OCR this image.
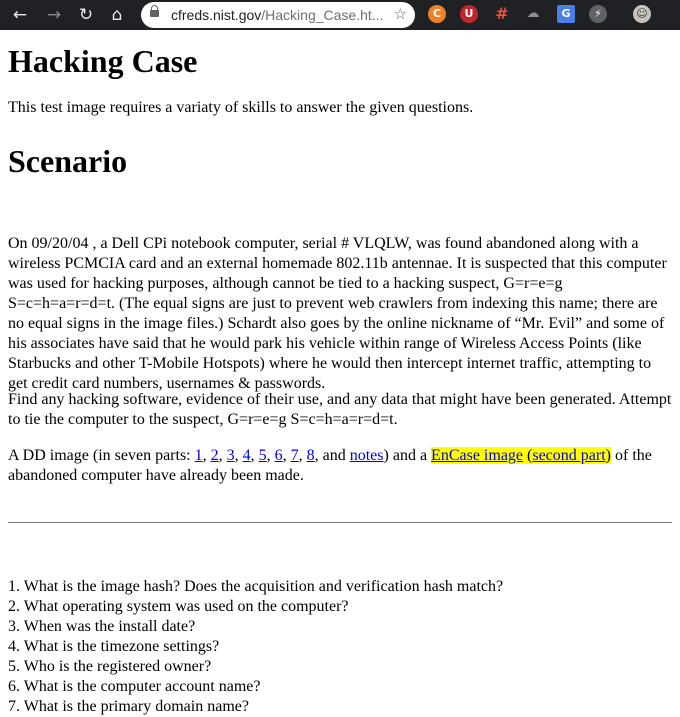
← → ↻	⌂	cfreds.nist.gov/Hacking_Case.ht... ☆	C	U # ☁	G	⚡	☺
Hacking Case

This test image requires a variaty of skills to answer the given questions.

Scenario

On 09/20/04 , a Dell CPi notebook computer, serial # VLQLW, was found abandoned along with a wireless PCMCIA card and an external homemade 802.11b antennae. It is suspected that this computer was used for hacking purposes, although cannot be tied to a hacking suspect, G=r=e=g S=c=h=a=r=d=t. (The equal signs are just to prevent web crawlers from indexing this name; there are no equal signs in the image files.) Schardt also goes by the online nickname of “Mr. Evil” and some of his associates have said that he would park his vehicle within range of Wireless Access Points (like Starbucks and other T-Mobile Hotspots) where he would then intercept internet traffic, attempting to get credit card numbers, usernames & passwords.

Find any hacking software, evidence of their use, and any data that might have been generated. Attempt to tie the computer to the suspect, G=r=e=g S=c=h=a=r=d=t.

A DD image (in seven parts: 1, 2, 3, 4, 5, 6, 7, 8, and notes) and a EnCase image (second part) of the abandoned computer have already been made.

1. What is the image hash? Does the acquisition and verification hash match?
2. What operating system was used on the computer?
3. When was the install date?
4. What is the timezone settings?
5. Who is the registered owner?
6. What is the computer account name?
7. What is the primary domain name?
